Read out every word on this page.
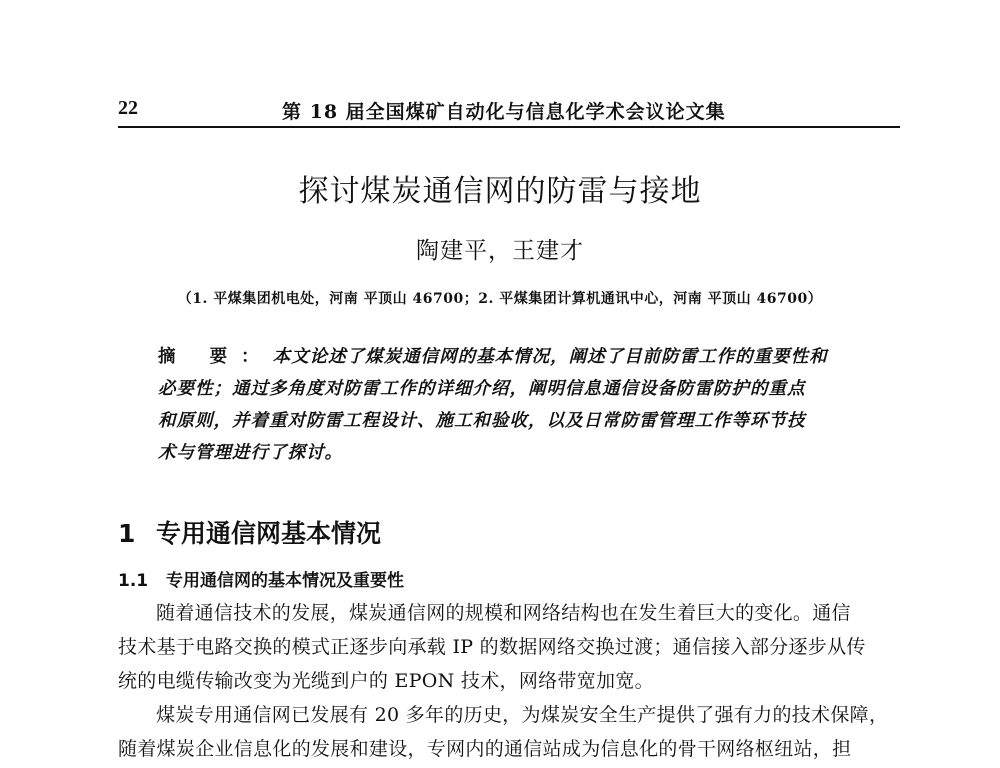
22	第 18 届全国煤矿自动化与信息化学术会议论文集
探讨煤炭通信网的防雷与接地
陶建平，王建才
（1. 平煤集团机电处，河南 平顶山 46700；2. 平煤集团计算机通讯中心，河南 平顶山 46700）
摘 要：本文论述了煤炭通信网的基本情况，阐述了目前防雷工作的重要性和
必要性；通过多角度对防雷工作的详细介绍，阐明信息通信设备防雷防护的重点
和原则，并着重对防雷工程设计、施工和验收，以及日常防雷管理工作等环节技
术与管理进行了探讨。
1 专用通信网基本情况
1.1 专用通信网的基本情况及重要性
随着通信技术的发展，煤炭通信网的规模和网络结构也在发生着巨大的变化。通信
技术基于电路交换的模式正逐步向承载 IP 的数据网络交换过渡；通信接入部分逐步从传
统的电缆传输改变为光缆到户的 EPON 技术，网络带宽加宽。
煤炭专用通信网已发展有 20 多年的历史，为煤炭安全生产提供了强有力的技术保障，
随着煤炭企业信息化的发展和建设，专网内的通信站成为信息化的骨干网络枢纽站，担
